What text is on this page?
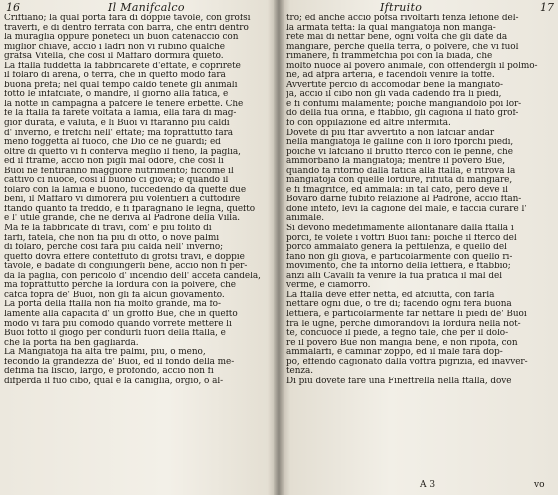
16	Il Manifcalco
Criftiano; la qual porta fara di doppie tavole, con grofsi
traverfi, e di dentro ferrata con barra, che entri dentro
la muraglia oppure poneteci un buon catenaccio con
miglior chiave, acciò i ladri non vi rubino qualche
grafsa Vitella, che così il Maffaro dormirà quieto.
La ftalla fuddetta la fabbricarete d'eftate, e coprirete
il folaro di arena, o terra, che in quefto modo farà
buona prefa; nel qual tempo caldo tenete gli animali
fotto le infafciate, o mandre, il giorno alla fatica, e
la notte in campagna a pafcere le tenere erbette. Che
fe la ftalla fa farete voltata a lamia, ella farà di mag-
gior durata, e valuta, e li Buoi vi ftaranno più caldi
d' inverno, e frefchi nell' eftate; ma foprattutto farà
meno foggetta al fuoco, che Dio ce ne guardi; ed
oltre di quefto vi fi conferva meglio il fieno, la paglia,
ed il ftrame, acciò non pigli mal odore, che così li
Buoi ne fentiranno maggiore nutrimento; ficcome il
cattivo ci nuoce, così il buono ci giova; e quando il
folaro con la lamia è buono, fuccedendo da quefte due
beni, il Maffaro vi dimorerà più volentieri a cuftodire
ftando quanto fa freddo, e fi fparagnano le legna, quefto
è l' utile grande, che ne deriva al Padrone della Villa.
Ma fe la fabbricate di travi, com' è più folito di
farfi, fatela, che non fia più di otto, o nove palmi
di folaro, perchè così farà più calda nell' inverno;
quefto dovrà effere conteffuto di grofsi travi, e doppie
tavole, e badate di congiungerli bene, acciò non fi per-
da la paglia, con pericolo d' incendio dell' accefa candela,
ma foprattutto perchè la lordura con la polvere, che
cafca fopra de' Buoi, non gli fa alcun giovamento.
La porta della ftalla non fia molto grande, ma fo-
lamente alla capacità d' un groffo Bue, che in quefto
modo vi farà più comodo quando vorrete mettere li
Buoi fotto il giogo per condurli fuori della ftalla, e
che la porta fia ben gagliarda.
La Mangiatoja fia alta tre palmi, più, o meno,
fecondo la grandezza de' Buoi, ed il fondo della me-
defima fia liscio, largo, e profondo, acciò non fi
difperda il fuo cibo, qual è la caniglia, orgio, o al-
Iftruito	17
tro; ed anche acciò pofsa rivoltarfi fenza lefione del-
la armata tefta: la qual mangiatoja non manga-
rete mai di nettar bene, ogni volta che gli date da
mangiare, perchè quella terra, o polvere, che vi fuol
rimanere, fi frammefchia poi con la biada, che
molto nuoce al povero animale, con offendergli il polmo-
ne, ad afpra arteria, e facendoli venire la toffe.
Avvertite perciò di accomodar bene la mangiato-
ja, acciò il cibo non gli vada cadendo fra li piedi,
e fi confumi malamente; poichè mangiandolo poi lor-
do della fua orina, e ftabbio, gli cagiona il fiato grof-
fo con oppilazione ed altre infermità.
Dovete di più ftar avvertito a non lafciar andar
nella mangiatoja le galline con li loro fporchi piedi,
poichè vi lafciano il brutto fterco con le penne, che
ammorbano la mangiatoja; mentre il povero Bue,
quando fa ritorno dalla fatica alla ftalla, e ritrova la
mangiatoja con quelle lordure, rifiuta di mangiare,
e fi fmagrifce, ed ammala: in tal cafo, però deve il
Bovaro darne fubito relazione al Padrone, acciò ftan-
done intefo, levi la cagione del male, e faccia curare l'
animale.
Si devono medefimamente allontanare dalla ftalla i
porci, fe volete i voftri Buoi fani: poichè il fterco del
porco ammalato genera la peftilenza, e quello del
fano non gli giova, e particolarmente con quello ri-
movimento, che fa intorno della lettiera, e ftabbio;
anzi alli Cavalli fa venire la fua pratica il mal del
verme, e ciamorro.
La ftalla deve effer netta, ed afciutta, con farla
nettare ogni due, o tre dì; facendo ogni fera buona
lettiera, e particolarmente far nettare li piedi de' Buoi
fra le ugne, perchè dimorandovi la lordura nella not-
te, concuoce il piede, a fegno tale, che per il dolo-
re il povero Bue non mangia bene, e non ripofa, con
ammalarfi, e caminar zoppo, ed il male farà dop-
po, effendo cagionato dalla voftra pigrizia, ed inavver-
tenza.
Di più dovete fare una Fineftrella nella ftalla, dove
A 3	vo
